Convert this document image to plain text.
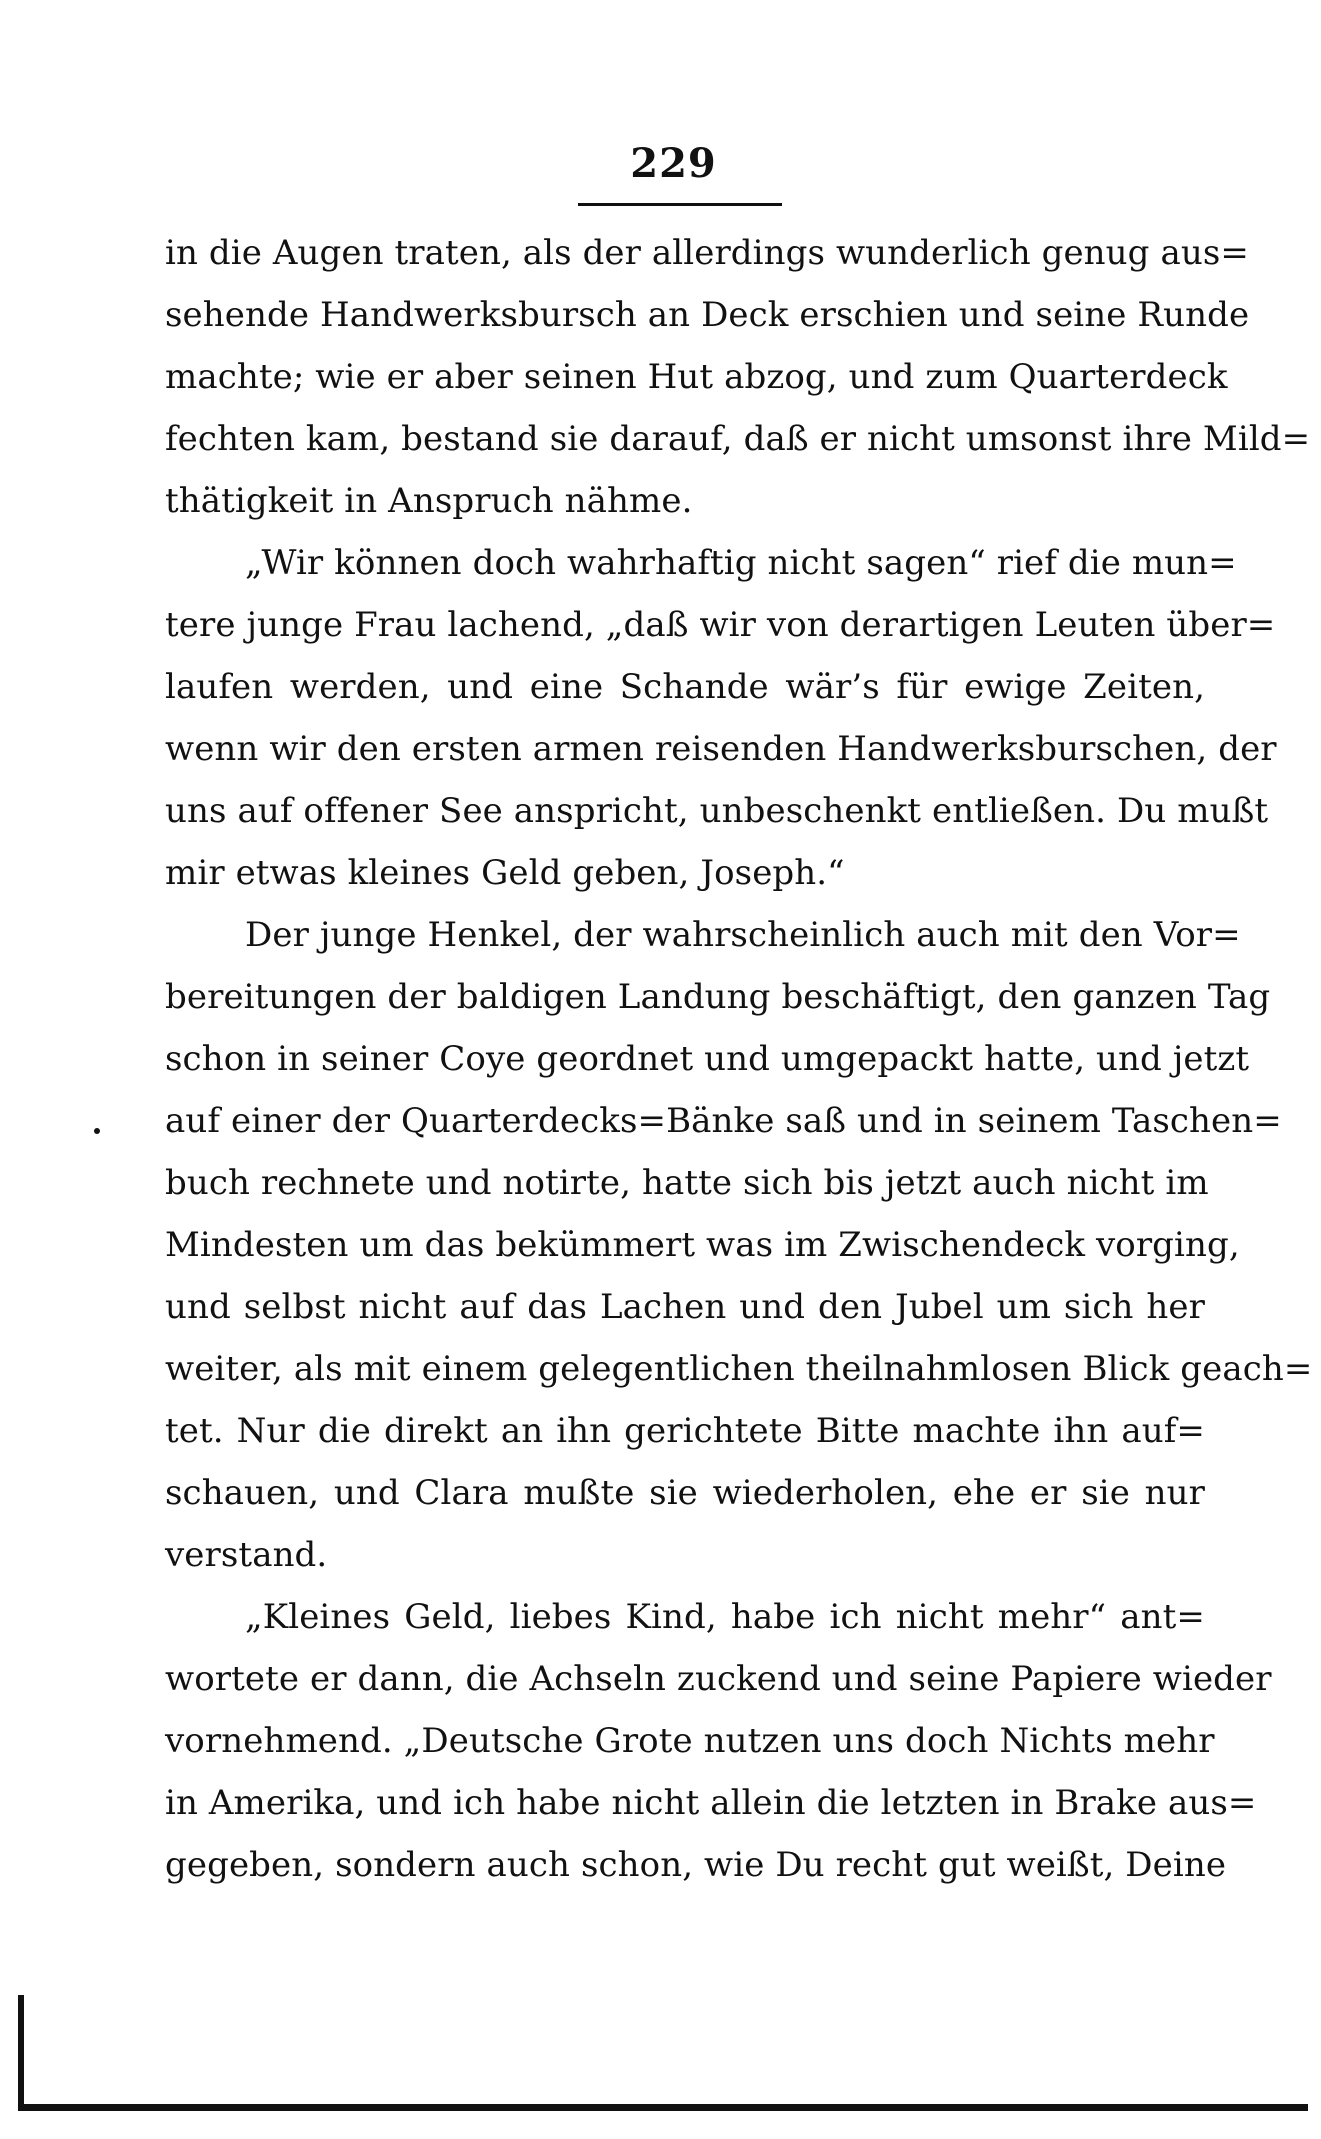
229
in die Augen traten, als der allerdings wunderlich genug aus=
sehende Handwerksbursch an Deck erschien und seine Runde
machte; wie er aber seinen Hut abzog, und zum Quarterdeck
fechten kam, bestand sie darauf, daß er nicht umsonst ihre Mild=
thätigkeit in Anspruch nähme.
„Wir können doch wahrhaftig nicht sagen“ rief die mun=
tere junge Frau lachend, „daß wir von derartigen Leuten über=
laufen werden, und eine Schande wär’s für ewige Zeiten,
wenn wir den ersten armen reisenden Handwerksburschen, der
uns auf offener See anspricht, unbeschenkt entließen. Du mußt
mir etwas kleines Geld geben, Joseph.“
Der junge Henkel, der wahrscheinlich auch mit den Vor=
bereitungen der baldigen Landung beschäftigt, den ganzen Tag
schon in seiner Coye geordnet und umgepackt hatte, und jetzt
auf einer der Quarterdecks=Bänke saß und in seinem Taschen=
buch rechnete und notirte, hatte sich bis jetzt auch nicht im
Mindesten um das bekümmert was im Zwischendeck vorging,
und selbst nicht auf das Lachen und den Jubel um sich her
weiter, als mit einem gelegentlichen theilnahmlosen Blick geach=
tet. Nur die direkt an ihn gerichtete Bitte machte ihn auf=
schauen, und Clara mußte sie wiederholen, ehe er sie nur
verstand.
„Kleines Geld, liebes Kind, habe ich nicht mehr“ ant=
wortete er dann, die Achseln zuckend und seine Papiere wieder
vornehmend. „Deutsche Grote nutzen uns doch Nichts mehr
in Amerika, und ich habe nicht allein die letzten in Brake aus=
gegeben, sondern auch schon, wie Du recht gut weißt, Deine
